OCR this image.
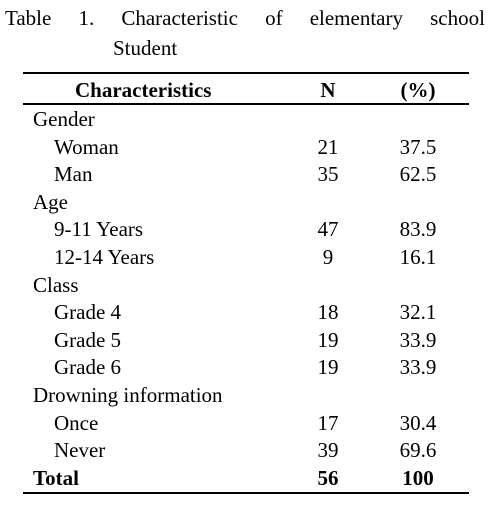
Table 1. Characteristic of elementary school
Student
Characteristics	N	(%)
Gender
Woman	21	37.5
Man	35	62.5
Age
9-11 Years	47	83.9
12-14 Years	9	16.1
Class
Grade 4	18	32.1
Grade 5	19	33.9
Grade 6	19	33.9
Drowning information
Once	17	30.4
Never	39	69.6
Total	56	100
